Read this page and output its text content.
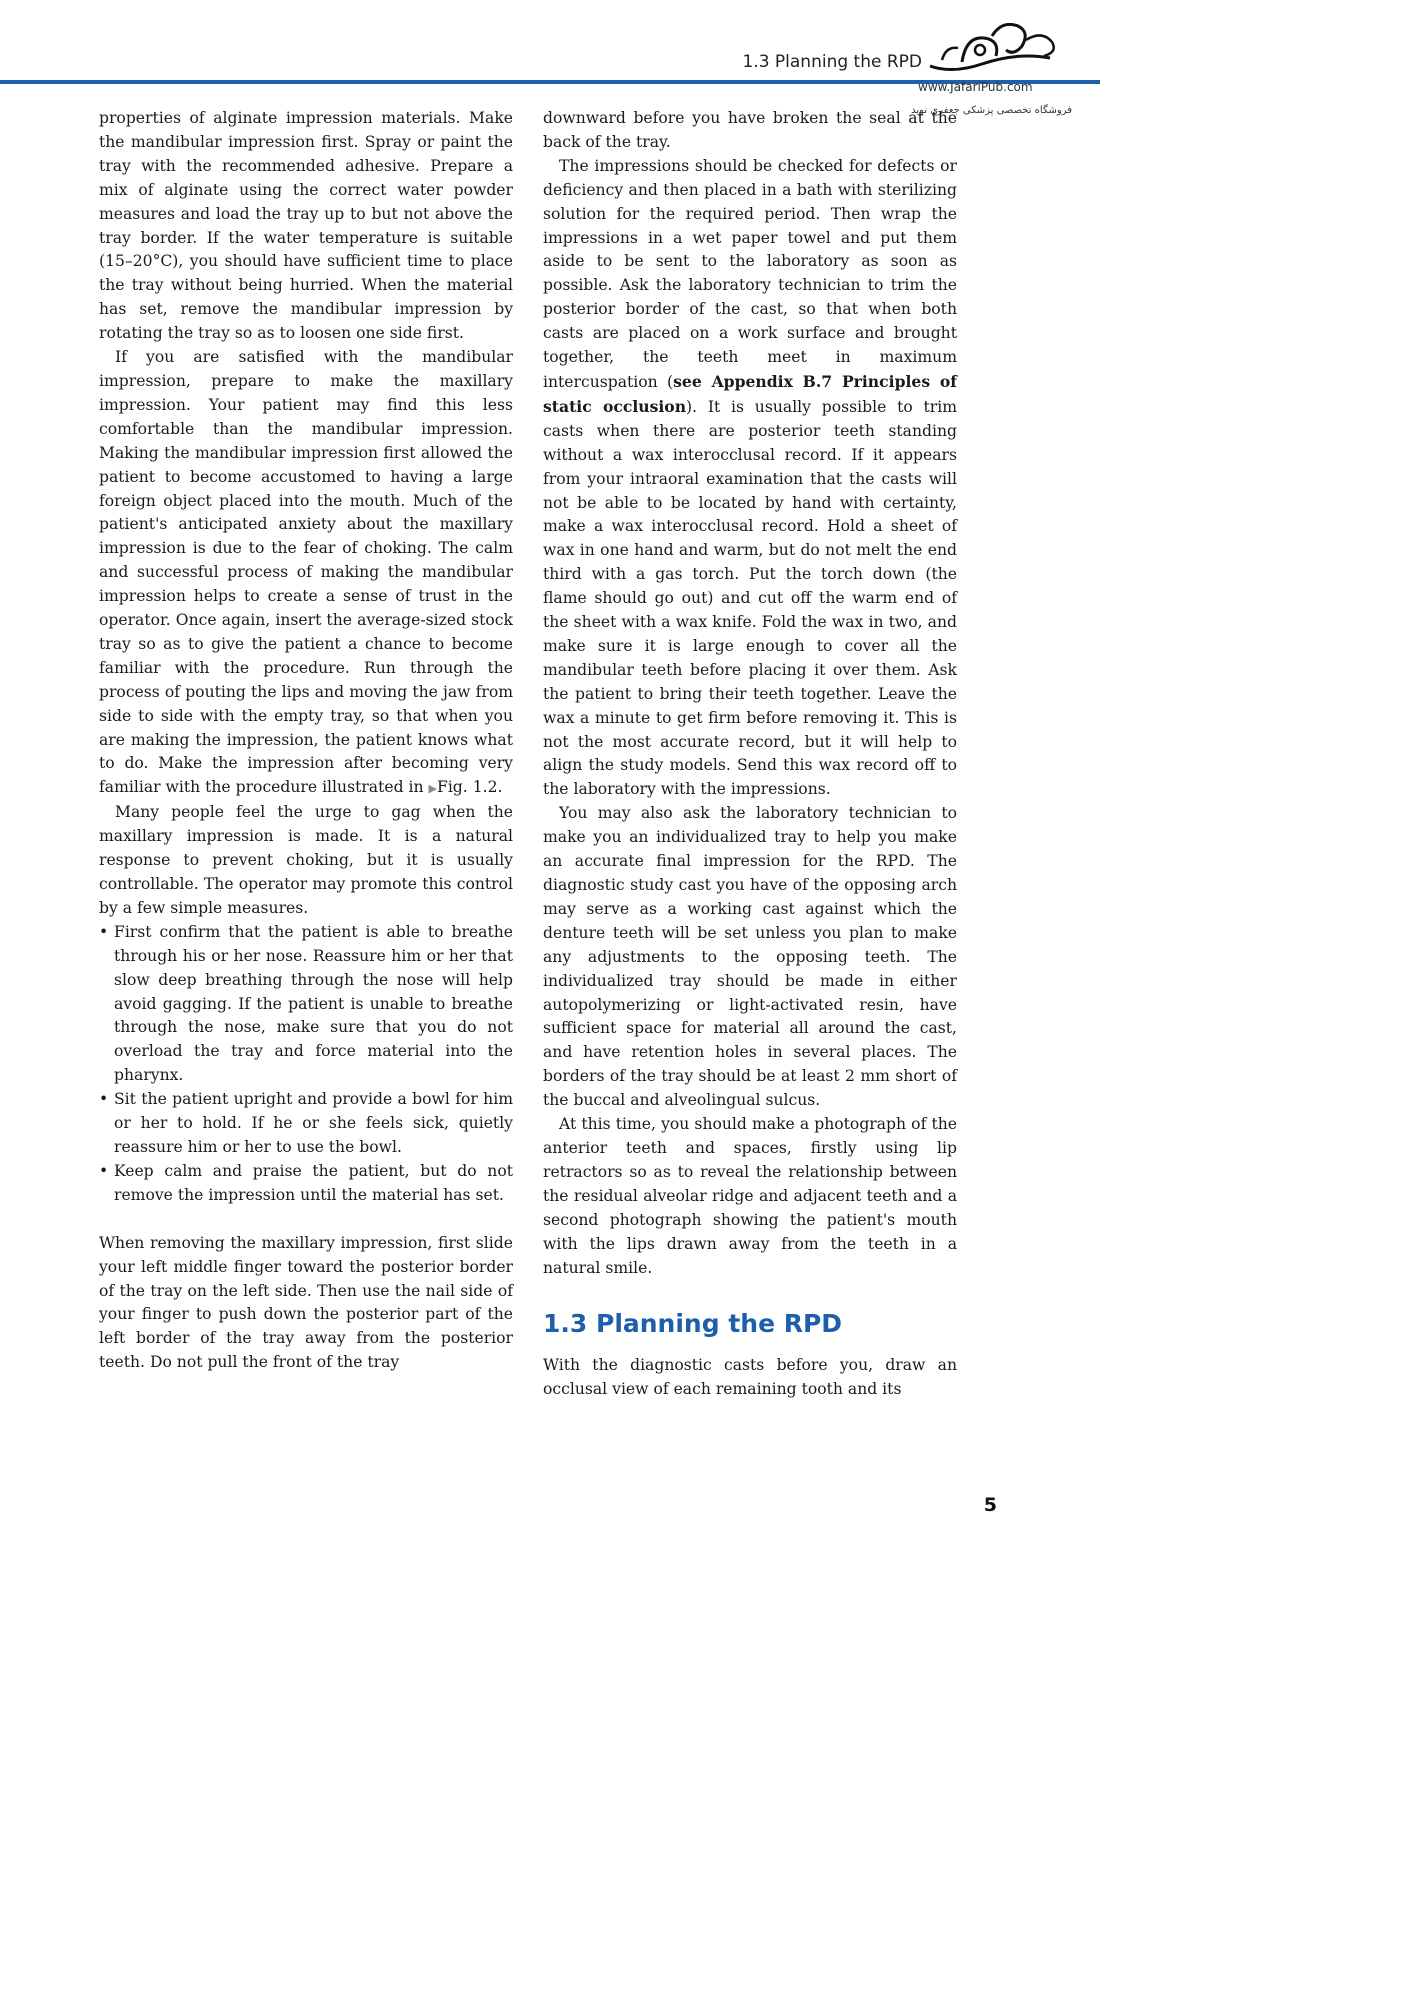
1.3 Planning the RPD
www.JafariPub.com
فروشگاه تخصصی پزشکی جعفری نوید

properties of alginate impression materials. Make the mandibular impression first. Spray or paint the tray with the recommended adhesive. Prepare a mix of alginate using the correct water powder measures and load the tray up to but not above the tray border. If the water temperature is suitable (15–20°C), you should have sufficient time to place the tray without being hurried. When the material has set, remove the mandibular impression by rotating the tray so as to loosen one side first.

If you are satisfied with the mandibular impression, prepare to make the maxillary impression. Your patient may find this less comfortable than the mandibular impression. Making the mandibular impression first allowed the patient to become accustomed to having a large foreign object placed into the mouth. Much of the patient's anticipated anxiety about the maxillary impression is due to the fear of choking. The calm and successful process of making the mandibular impression helps to create a sense of trust in the operator. Once again, insert the average-sized stock tray so as to give the patient a chance to become familiar with the procedure. Run through the process of pouting the lips and moving the jaw from side to side with the empty tray, so that when you are making the impression, the patient knows what to do. Make the impression after becoming very familiar with the procedure illustrated in ▶Fig. 1.2.

Many people feel the urge to gag when the maxillary impression is made. It is a natural response to prevent choking, but it is usually controllable. The operator may promote this control by a few simple measures.

• First confirm that the patient is able to breathe through his or her nose. Reassure him or her that slow deep breathing through the nose will help avoid gagging. If the patient is unable to breathe through the nose, make sure that you do not overload the tray and force material into the pharynx.
• Sit the patient upright and provide a bowl for him or her to hold. If he or she feels sick, quietly reassure him or her to use the bowl.
• Keep calm and praise the patient, but do not remove the impression until the material has set.

When removing the maxillary impression, first slide your left middle finger toward the posterior border of the tray on the left side. Then use the nail side of your finger to push down the posterior part of the left border of the tray away from the posterior teeth. Do not pull the front of the tray

downward before you have broken the seal at the back of the tray.

The impressions should be checked for defects or deficiency and then placed in a bath with sterilizing solution for the required period. Then wrap the impressions in a wet paper towel and put them aside to be sent to the laboratory as soon as possible. Ask the laboratory technician to trim the posterior border of the cast, so that when both casts are placed on a work surface and brought together, the teeth meet in maximum intercuspation (see Appendix B.7 Principles of static occlusion). It is usually possible to trim casts when there are posterior teeth standing without a wax interocclusal record. If it appears from your intraoral examination that the casts will not be able to be located by hand with certainty, make a wax interocclusal record. Hold a sheet of wax in one hand and warm, but do not melt the end third with a gas torch. Put the torch down (the flame should go out) and cut off the warm end of the sheet with a wax knife. Fold the wax in two, and make sure it is large enough to cover all the mandibular teeth before placing it over them. Ask the patient to bring their teeth together. Leave the wax a minute to get firm before removing it. This is not the most accurate record, but it will help to align the study models. Send this wax record off to the laboratory with the impressions.

You may also ask the laboratory technician to make you an individualized tray to help you make an accurate final impression for the RPD. The diagnostic study cast you have of the opposing arch may serve as a working cast against which the denture teeth will be set unless you plan to make any adjustments to the opposing teeth. The individualized tray should be made in either autopolymerizing or light-activated resin, have sufficient space for material all around the cast, and have retention holes in several places. The borders of the tray should be at least 2 mm short of the buccal and alveolingual sulcus.

At this time, you should make a photograph of the anterior teeth and spaces, firstly using lip retractors so as to reveal the relationship between the residual alveolar ridge and adjacent teeth and a second photograph showing the patient's mouth with the lips drawn away from the teeth in a natural smile.

1.3 Planning the RPD

With the diagnostic casts before you, draw an occlusal view of each remaining tooth and its

5
